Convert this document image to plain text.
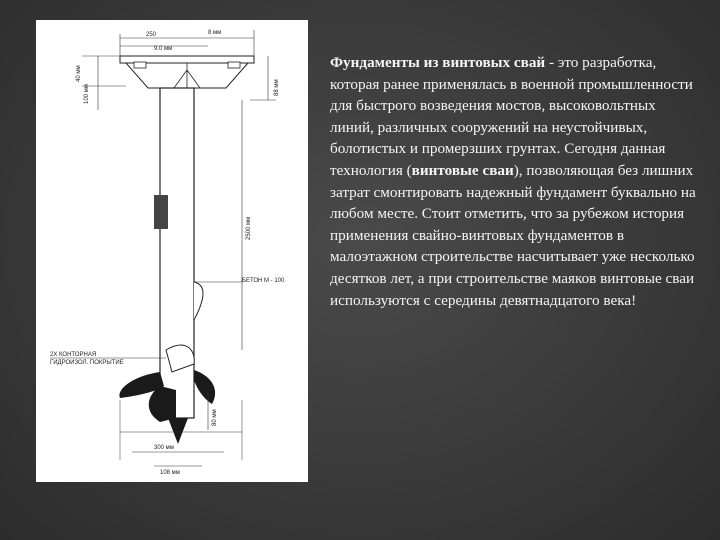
250	8 мм
9.0 мм
100 мм
40 мм
88 мм
2500 мм
БЕТОН М - 100
2Х КОНТОРНАЯ
ГИДРОИЗОЛ. ПОКРЫТИЕ
80 мм
300 мм
108 мм
Фундаменты из винтовых свай - это разработка, которая ранее применялась в военной промышленности для быстрого возведения мостов, высоковольтных линий, различных сооружений на неустойчивых, болотистых и промерзших грунтах. Сегодня данная технология (винтовые сваи), позволяющая без лишних затрат смонтировать надежный фундамент буквально на любом месте. Стоит отметить, что за рубежом история применения свайно-винтовых фундаментов в малоэтажном строительстве насчитывает уже несколько десятков лет, а при строительстве маяков винтовые сваи используются с середины девятнадцатого века!
